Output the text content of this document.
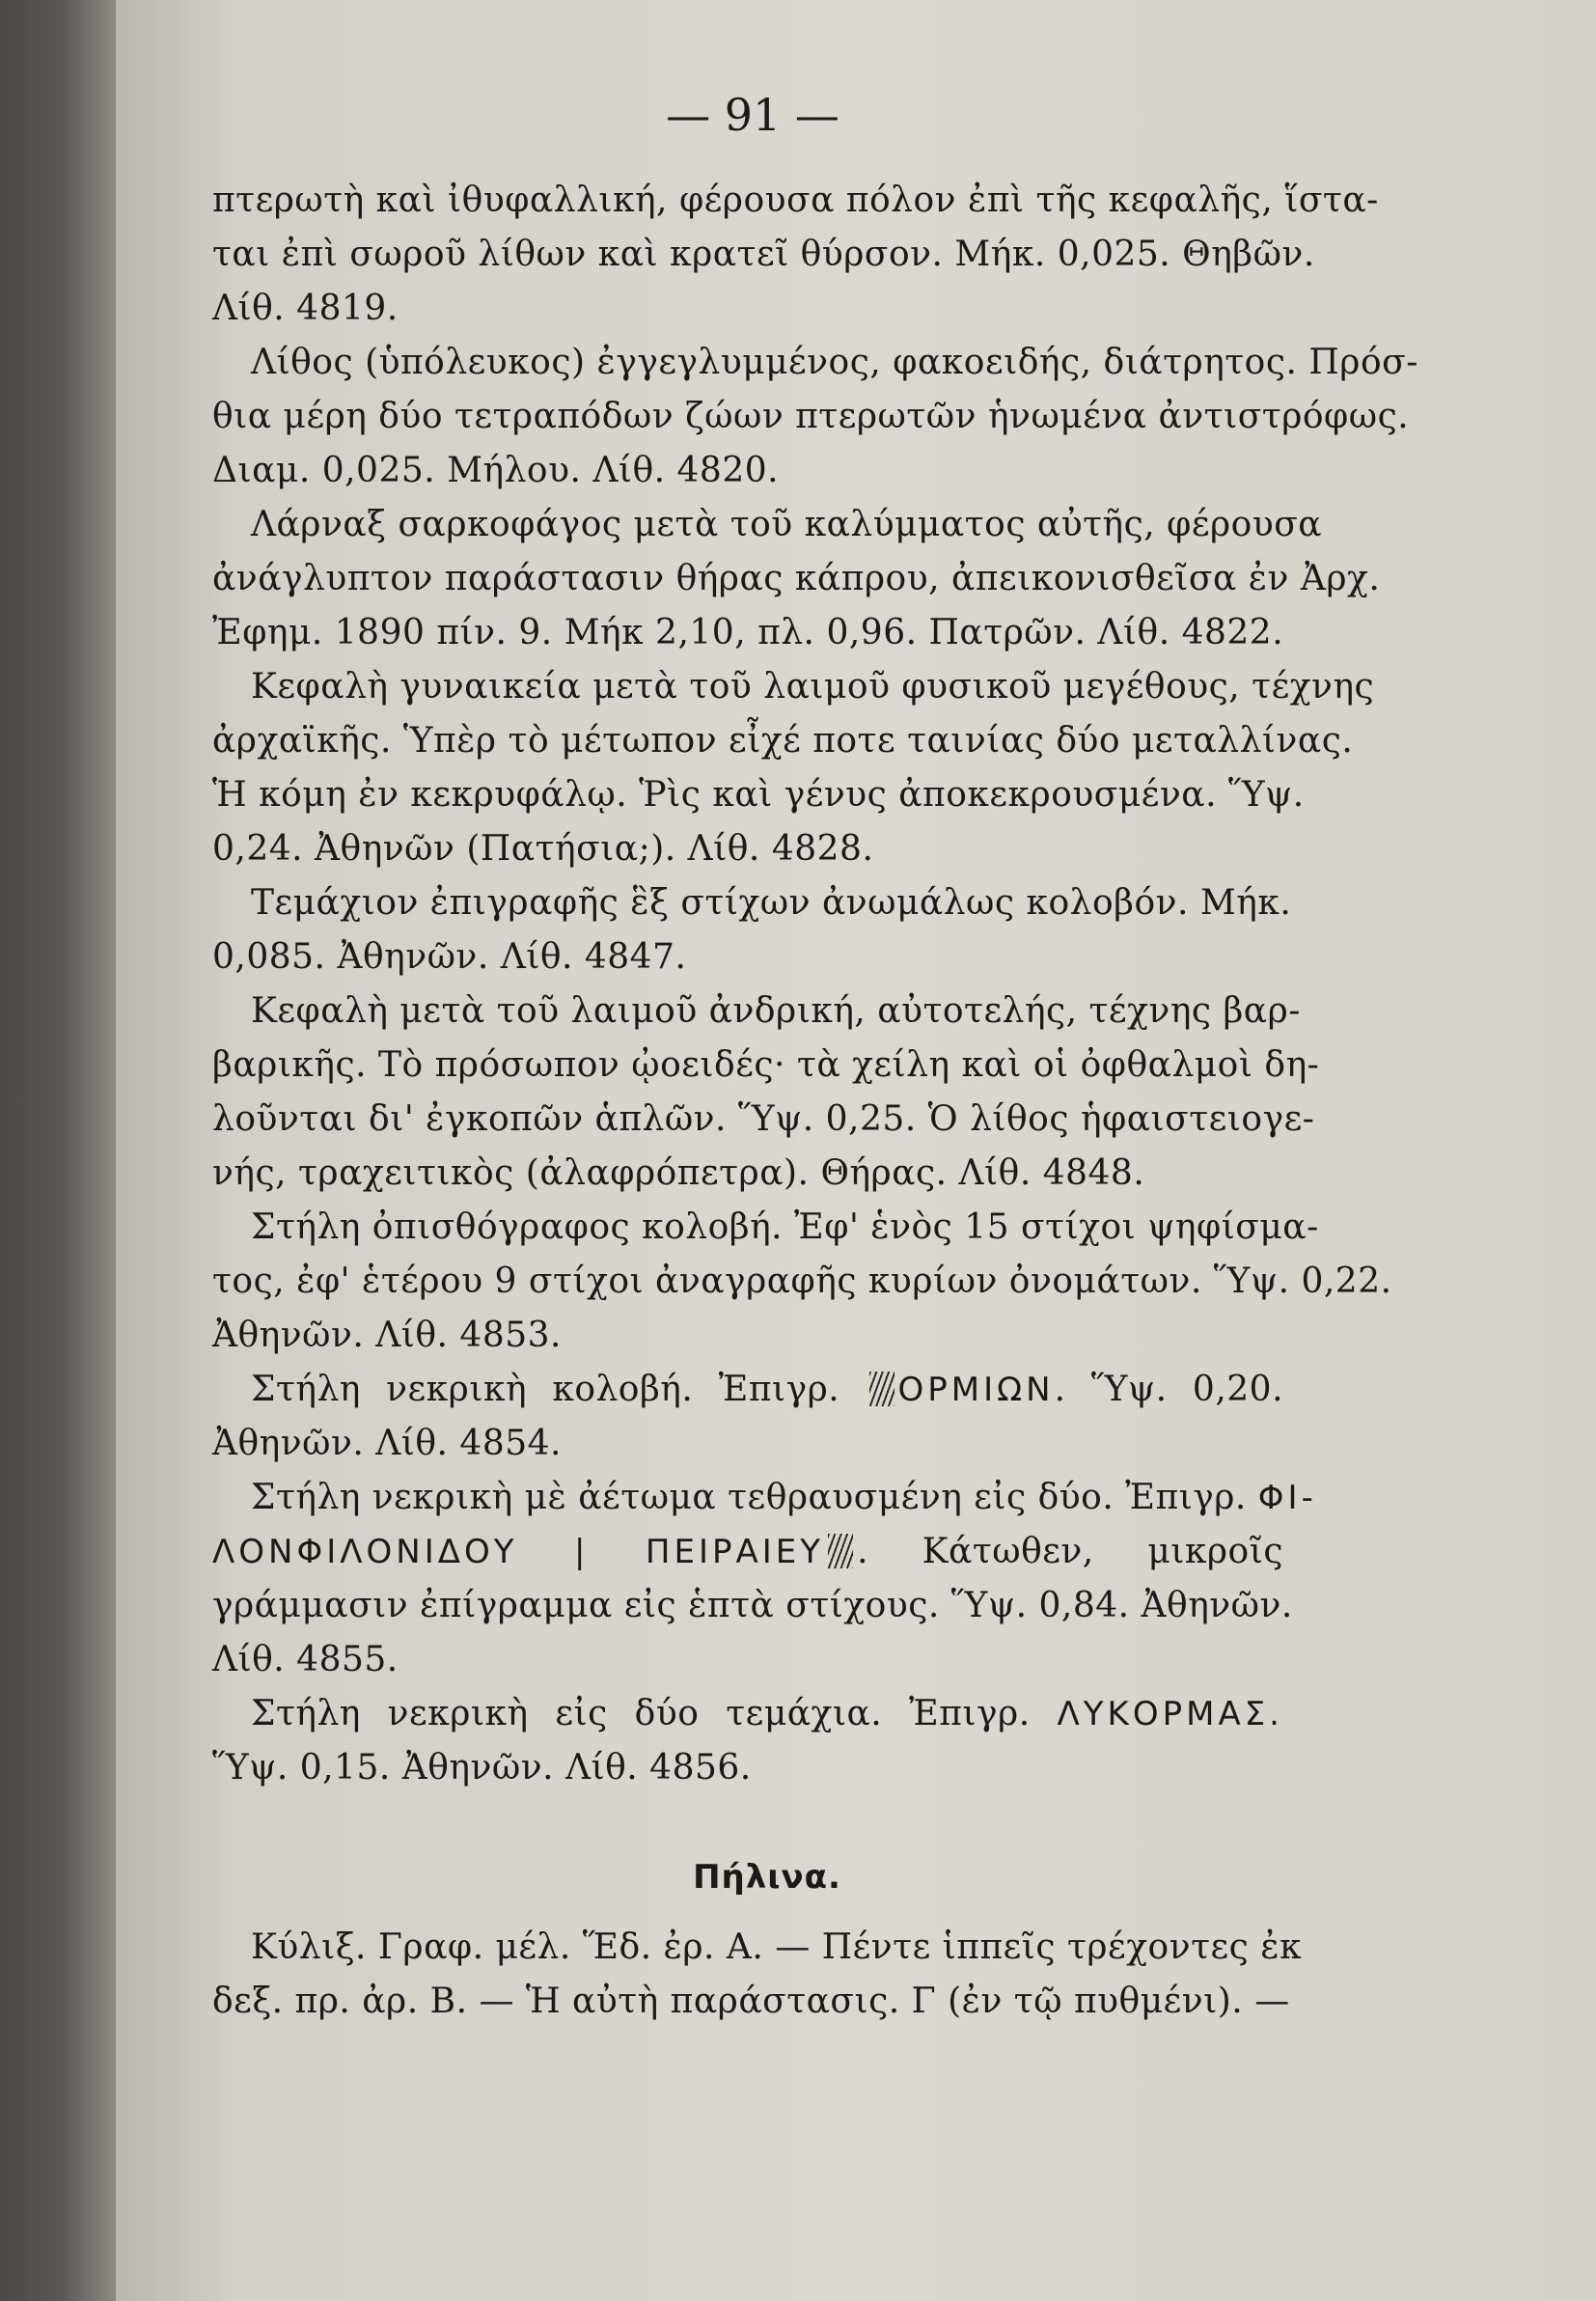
— 91 —
πτερωτὴ καὶ ἰθυφαλλική, φέρουσα πόλον ἐπὶ τῆς κεφαλῆς, ἵστα-
ται ἐπὶ σωροῦ λίθων καὶ κρατεῖ θύρσον. Μήκ. 0,025. Θηβῶν.
Λίθ. 4819.
Λίθος (ὑπόλευκος) ἐγγεγλυμμένος, φακοειδής, διάτρητος. Πρόσ-
θια μέρη δύο τετραπόδων ζώων πτερωτῶν ἡνωμένα ἀντιστρόφως.
Διαμ. 0,025. Μήλου. Λίθ. 4820.
Λάρναξ σαρκοφάγος μετὰ τοῦ καλύμματος αὐτῆς, φέρουσα
ἀνάγλυπτον παράστασιν θήρας κάπρου, ἀπεικονισθεῖσα ἐν Ἀρχ.
Ἐφημ. 1890 πίν. 9. Μήκ 2,10, πλ. 0,96. Πατρῶν. Λίθ. 4822.
Κεφαλὴ γυναικεία μετὰ τοῦ λαιμοῦ φυσικοῦ μεγέθους, τέχνης
ἀρχαϊκῆς. Ὑπὲρ τὸ μέτωπον εἶχέ ποτε ταινίας δύο μεταλλίνας.
Ἡ κόμη ἐν κεκρυφάλῳ. Ῥὶς καὶ γένυς ἀποκεκρουσμένα. Ὕψ.
0,24. Ἀθηνῶν (Πατήσια;). Λίθ. 4828.
Τεμάχιον ἐπιγραφῆς ἓξ στίχων ἀνωμάλως κολοβόν. Μήκ.
0,085. Ἀθηνῶν. Λίθ. 4847.
Κεφαλὴ μετὰ τοῦ λαιμοῦ ἀνδρική, αὐτοτελής, τέχνης βαρ-
βαρικῆς. Τὸ πρόσωπον ᾠοειδές· τὰ χείλη καὶ οἱ ὀφθαλμοὶ δη-
λοῦνται δι' ἐγκοπῶν ἁπλῶν. Ὕψ. 0,25. Ὁ λίθος ἡφαιστειογε-
νής, τραχειτικὸς (ἀλαφρόπετρα). Θήρας. Λίθ. 4848.
Στήλη ὀπισθόγραφος κολοβή. Ἐφ' ἑνὸς 15 στίχοι ψηφίσμα-
τος, ἐφ' ἑτέρου 9 στίχοι ἀναγραφῆς κυρίων ὀνομάτων. Ὕψ. 0,22.
Ἀθηνῶν. Λίθ. 4853.
Στήλη νεκρικὴ κολοβή. Ἐπιγρ. ΟΡΜΙΩΝ. Ὕψ. 0,20.
Ἀθηνῶν. Λίθ. 4854.
Στήλη νεκρικὴ μὲ ἀέτωμα τεθραυσμένη εἰς δύο. Ἐπιγρ. ΦΙ-
ΛΟΝΦΙΛΟΝΙΔΟΥ | ΠΕΙΡΑΙΕΥ . Κάτωθεν, μικροῖς
γράμμασιν ἐπίγραμμα εἰς ἑπτὰ στίχους. Ὕψ. 0,84. Ἀθηνῶν.
Λίθ. 4855.
Στήλη νεκρικὴ εἰς δύο τεμάχια. Ἐπιγρ. ΛΥΚΟΡΜΑΣ.
Ὕψ. 0,15. Ἀθηνῶν. Λίθ. 4856.
Πήλινα.
Κύλιξ. Γραφ. μέλ. Ἕδ. ἐρ. Α. — Πέντε ἱππεῖς τρέχοντες ἐκ
δεξ. πρ. ἀρ. Β. — Ἡ αὐτὴ παράστασις. Γ (ἐν τῷ πυθμένι). —
